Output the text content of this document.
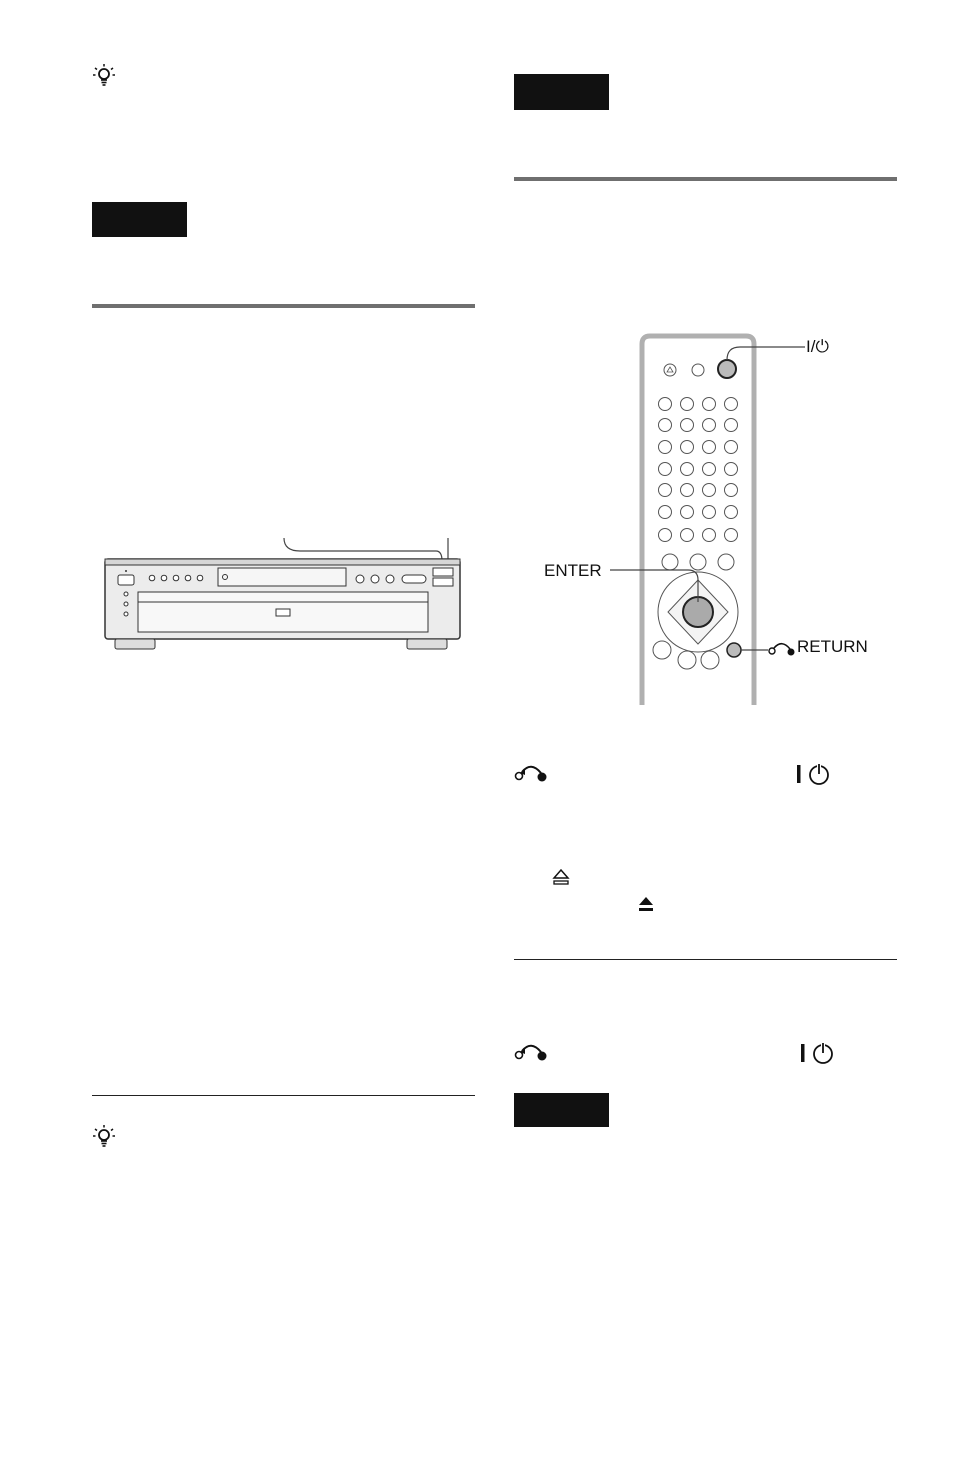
I/⏻
ENTER
RETURN
